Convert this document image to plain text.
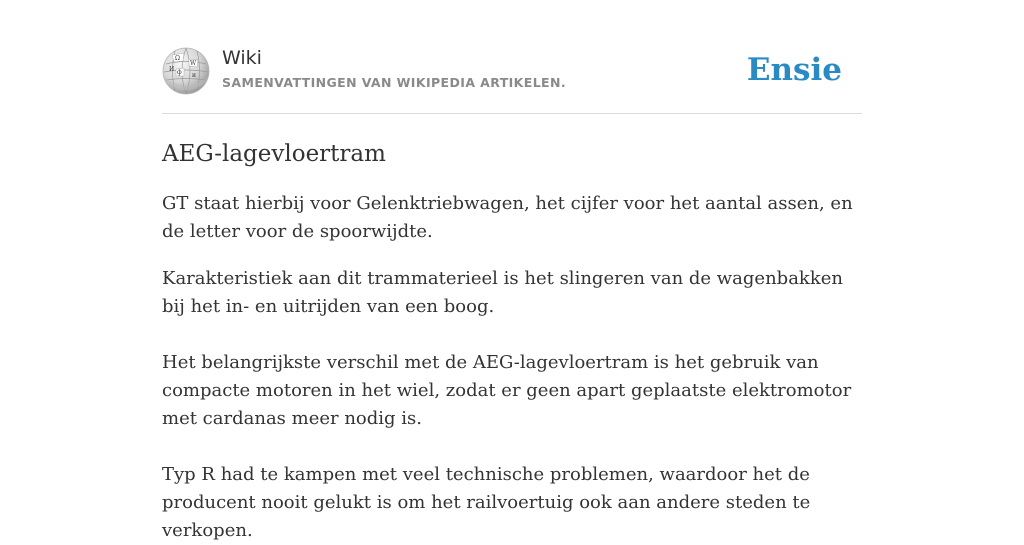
Ω
W
ф и
И
Wiki
SAMENVATTINGEN VAN WIKIPEDIA ARTIKELEN.	Ensie
AEG-lagevloertram

GT staat hierbij voor Gelenktriebwagen, het cijfer voor het aantal assen, en de letter voor de spoorwijdte.

Karakteristiek aan dit trammaterieel is het slingeren van de wagenbakken bij het in- en uitrijden van een boog.

Het belangrijkste verschil met de AEG-lagevloertram is het gebruik van compacte motoren in het wiel, zodat er geen apart geplaatste elektromotor met cardanas meer nodig is.

Typ R had te kampen met veel technische problemen, waardoor het de producent nooit gelukt is om het railvoertuig ook aan andere steden te verkopen.
